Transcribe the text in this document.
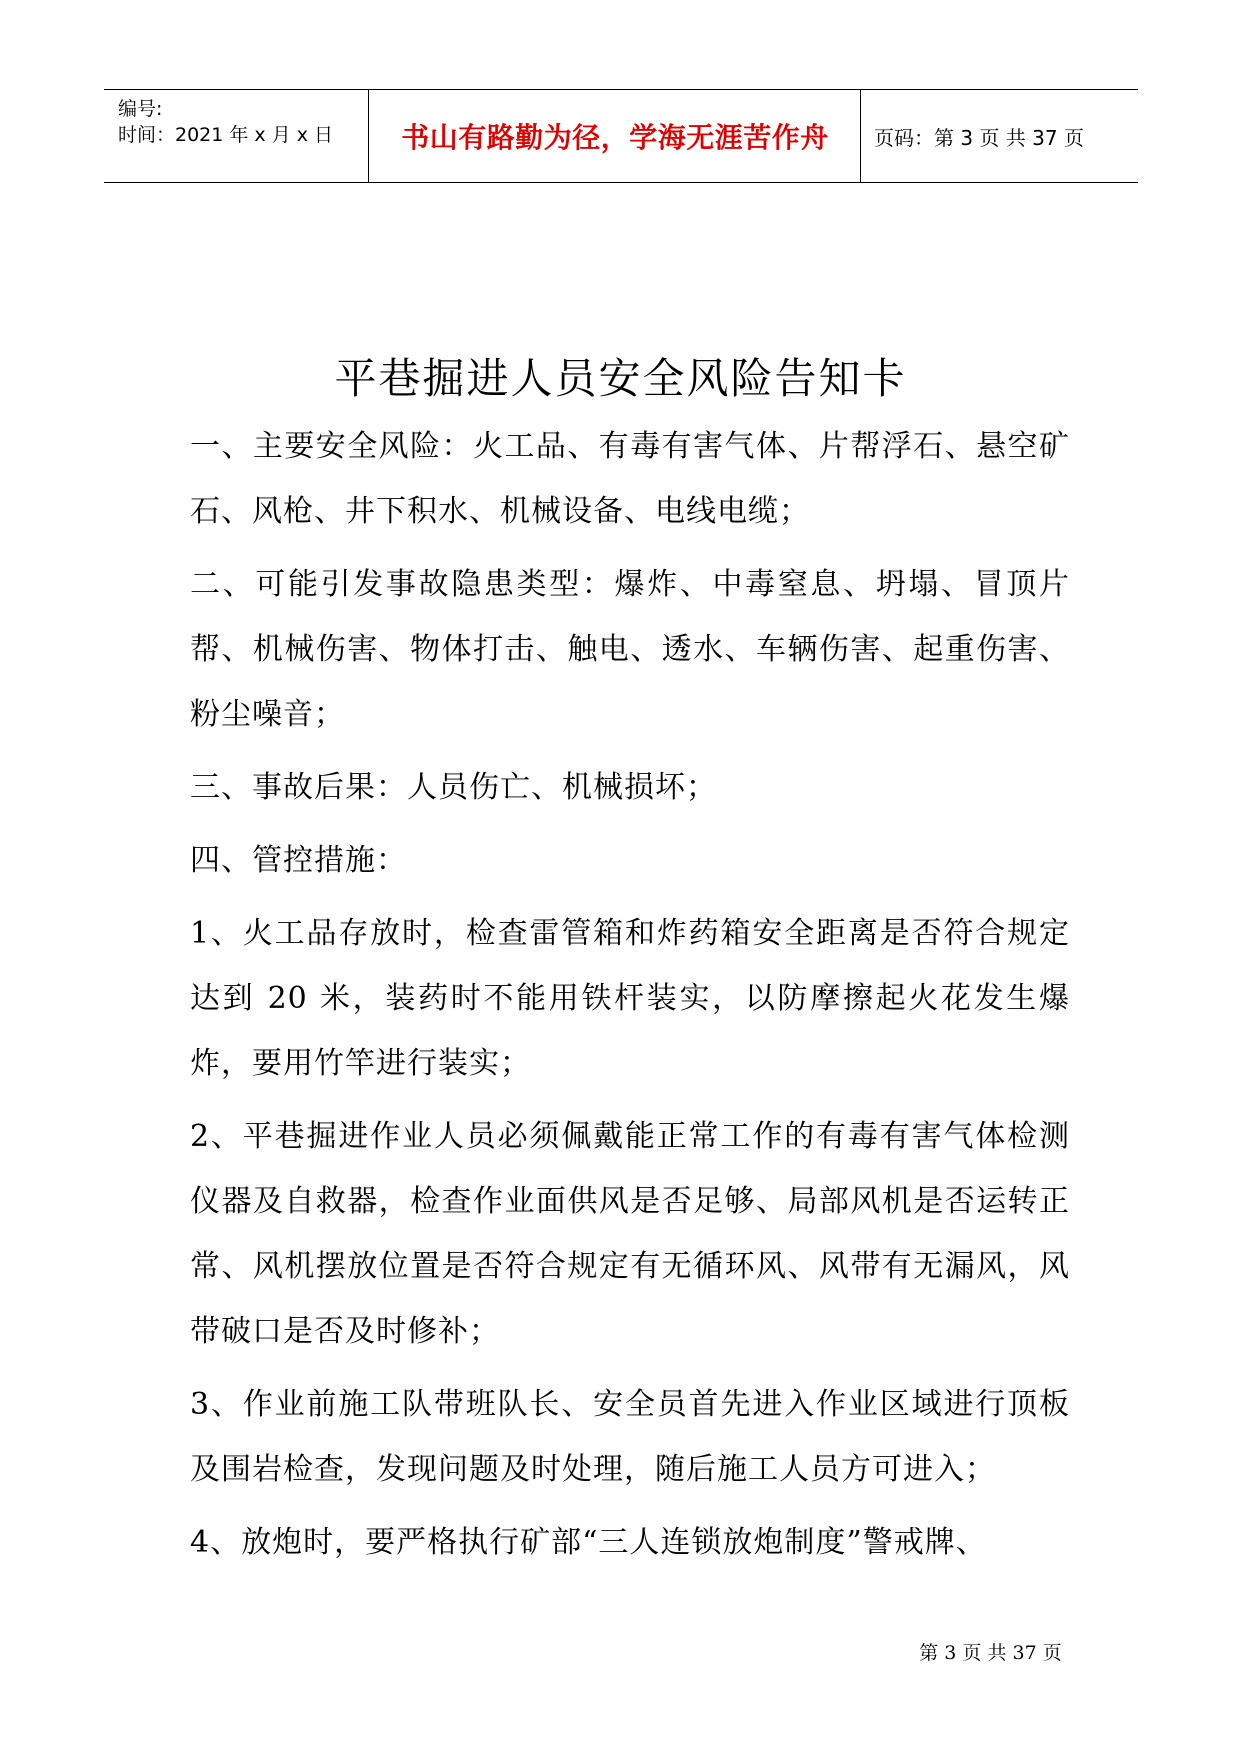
编号:
时间：2021 年 x 月 x 日 书山有路勤为径，学海无涯苦作舟 页码：第 3 页 共 37 页
平巷掘进人员安全风险告知卡

一、主要安全风险：火工品、有毒有害气体、片帮浮石、悬空矿石、风枪、井下积水、机械设备、电线电缆；

二、可能引发事故隐患类型：爆炸、中毒窒息、坍塌、冒顶片帮、机械伤害、物体打击、触电、透水、车辆伤害、起重伤害、粉尘噪音；

三、事故后果：人员伤亡、机械损坏；

四、管控措施：

1、火工品存放时，检查雷管箱和炸药箱安全距离是否符合规定达到 20 米，装药时不能用铁杆装实，以防摩擦起火花发生爆炸，要用竹竿进行装实；

2、平巷掘进作业人员必须佩戴能正常工作的有毒有害气体检测仪器及自救器，检查作业面供风是否足够、局部风机是否运转正常、风机摆放位置是否符合规定有无循环风、风带有无漏风，风带破口是否及时修补；

3、作业前施工队带班队长、安全员首先进入作业区域进行顶板及围岩检查，发现问题及时处理，随后施工人员方可进入；

4、放炮时，要严格执行矿部“三人连锁放炮制度”警戒牌、

第 3 页 共 37 页
